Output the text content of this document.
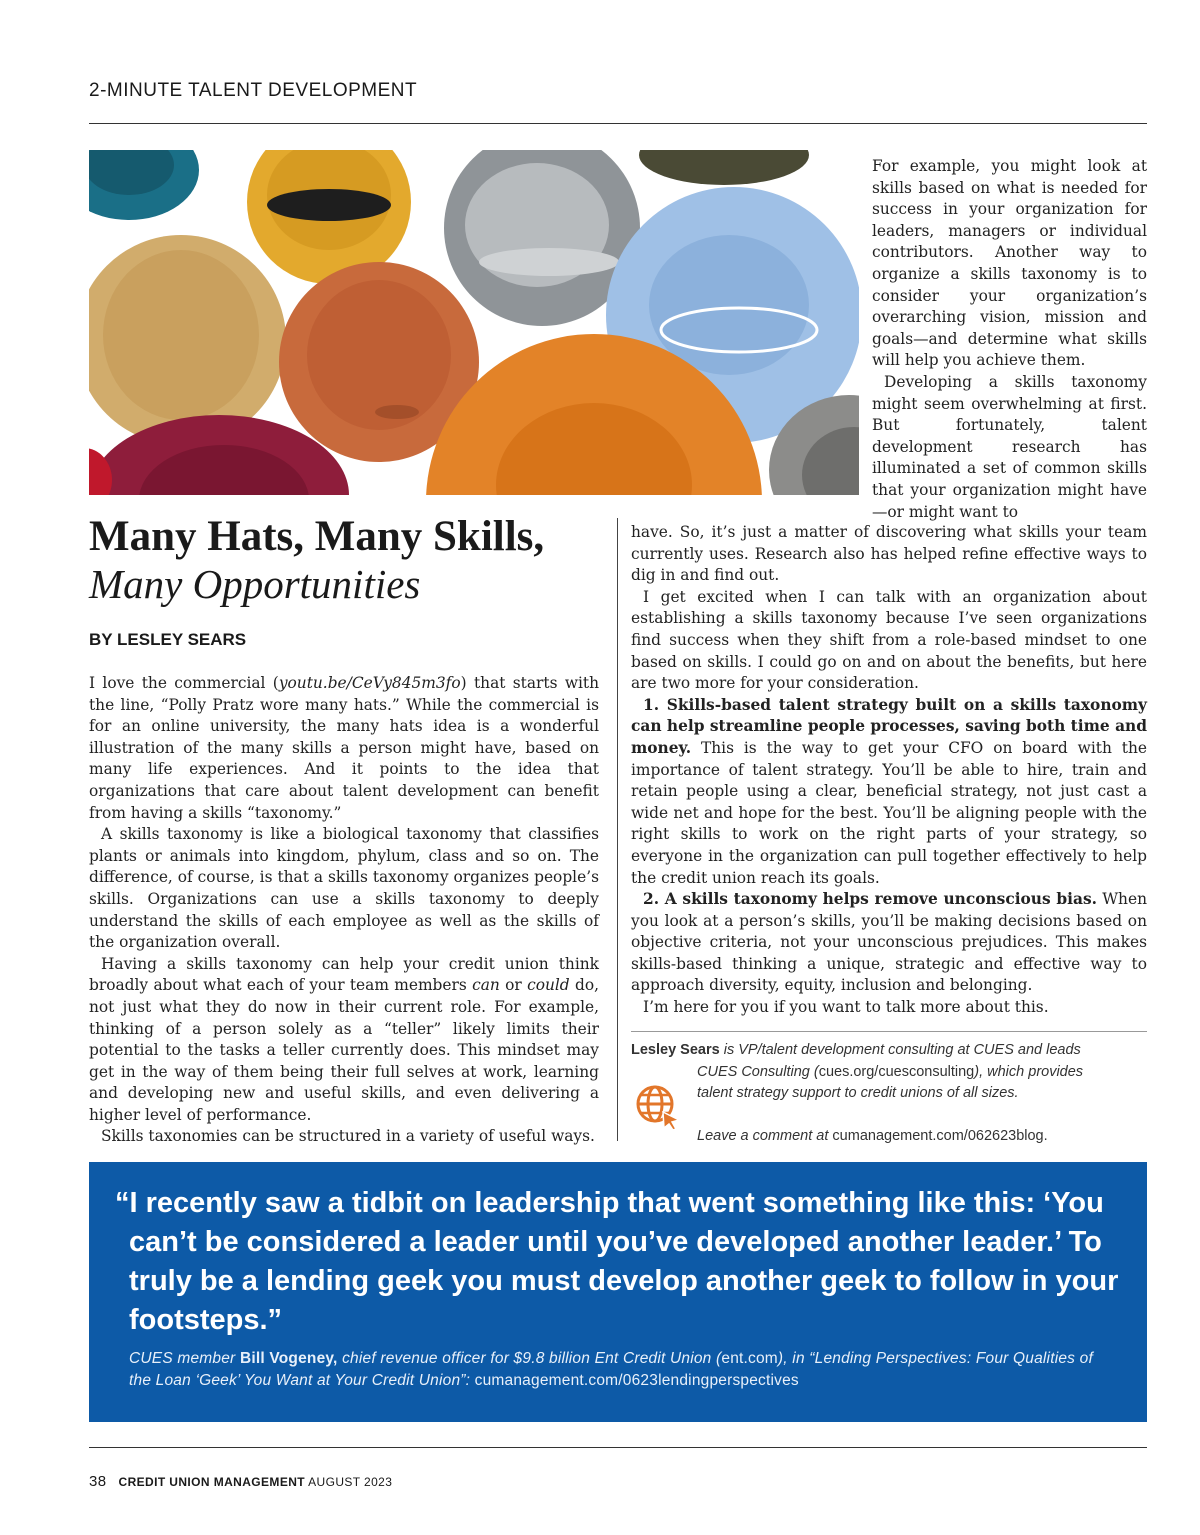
2-MINUTE TALENT DEVELOPMENT
Many Hats, Many Skills,
Many Opportunities
BY LESLEY SEARS

I love the commercial (youtu.be/CeVy845m3fo) that starts with the line, “Polly Pratz wore many hats.” While the commercial is for an online university, the many hats idea is a wonderful illustration of the many skills a person might have, based on many life experiences. And it points to the idea that organizations that care about talent development can benefit from having a skills “taxonomy.”

A skills taxonomy is like a biological taxonomy that classifies plants or animals into kingdom, phylum, class and so on. The difference, of course, is that a skills taxonomy organizes people’s skills. Organizations can use a skills taxonomy to deeply understand the skills of each employee as well as the skills of the organization overall.

Having a skills taxonomy can help your credit union think broadly about what each of your team members can or could do, not just what they do now in their current role. For example, thinking of a person solely as a “teller” likely limits their potential to the tasks a teller currently does. This mindset may get in the way of them being their full selves at work, learning and developing new and useful skills, and even delivering a higher level of performance.

Skills taxonomies can be structured in a variety of useful ways.

For example, you might look at skills based on what is needed for success in your organization for leaders, managers or individual contributors. Another way to organize a skills taxonomy is to consider your organization’s overarching vision, mission and goals—and determine what skills will help you achieve them.

Developing a skills taxonomy might seem overwhelming at first. But fortunately, talent development research has illuminated a set of common skills that your organization might have—or might want to

have. So, it’s just a matter of discovering what skills your team currently uses. Research also has helped refine effective ways to dig in and find out.

I get excited when I can talk with an organization about establishing a skills taxonomy because I’ve seen organizations find success when they shift from a role-based mindset to one based on skills. I could go on and on about the benefits, but here are two more for your consideration.

1. Skills-based talent strategy built on a skills taxonomy can help streamline people processes, saving both time and money. This is the way to get your CFO on board with the importance of talent strategy. You’ll be able to hire, train and retain people using a clear, beneficial strategy, not just cast a wide net and hope for the best. You’ll be aligning people with the right skills to work on the right parts of your strategy, so everyone in the organization can pull together effectively to help the credit union reach its goals.

2. A skills taxonomy helps remove unconscious bias. When you look at a person’s skills, you’ll be making decisions based on objective criteria, not your unconscious prejudices. This makes skills-based thinking a unique, strategic and effective way to approach diversity, equity, inclusion and belonging.

I’m here for you if you want to talk more about this.

Lesley Sears is VP/talent development consulting at CUES and leads
CUES Consulting (cues.org/cuesconsulting), which provides
talent strategy support to credit unions of all sizes.
Leave a comment at cumanagement.com/062623blog.
“I recently saw a tidbit on leadership that went something like this: ‘You can’t be considered a leader until you’ve developed another leader.’ To truly be a lending geek you must develop another geek to follow in your footsteps.”
CUES member Bill Vogeney, chief revenue officer for $9.8 billion Ent Credit Union (ent.com), in “Lending Perspectives: Four Qualities of the Loan ‘Geek’ You Want at Your Credit Union”: cumanagement.com/0623lendingperspectives
38 CREDIT UNION MANAGEMENT AUGUST 2023
